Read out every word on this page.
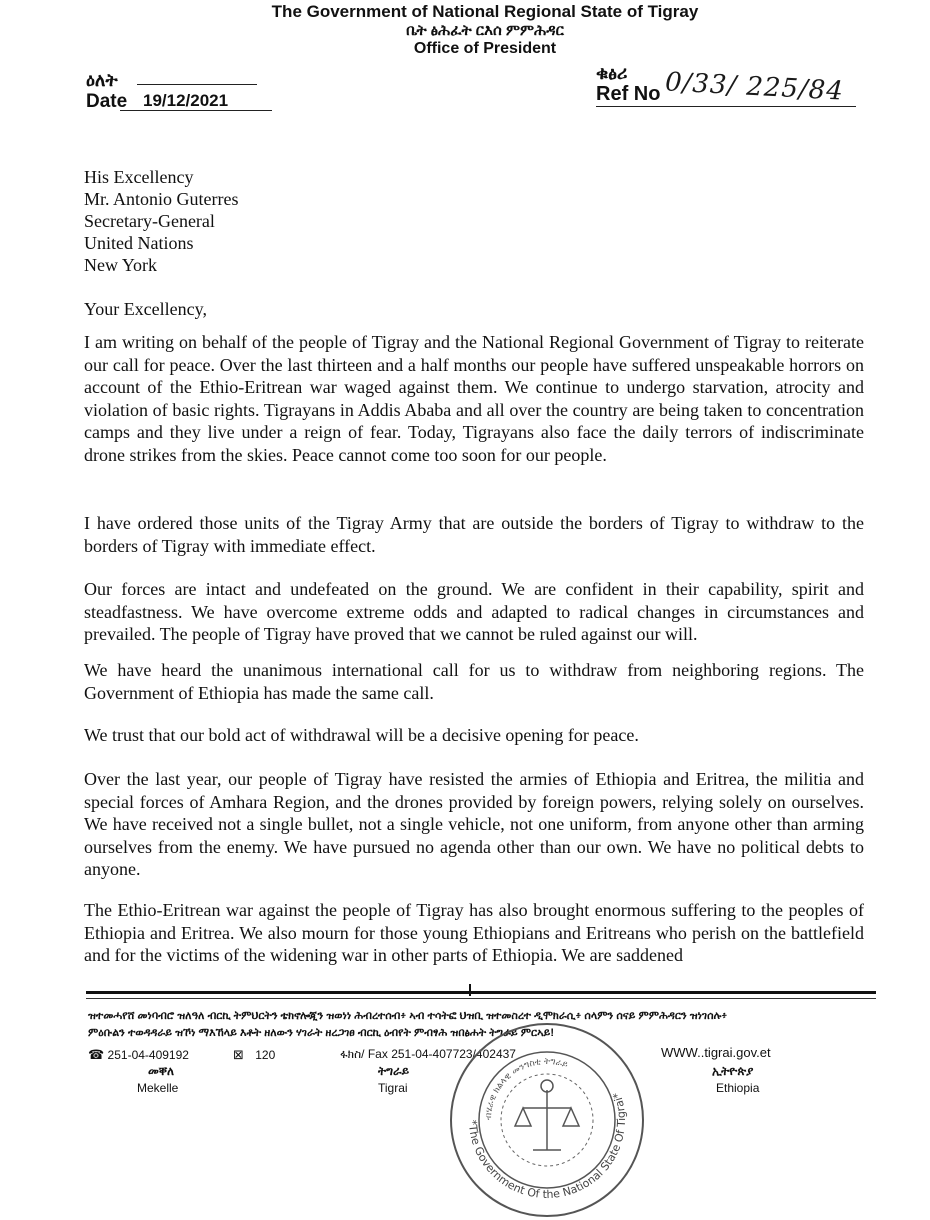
The Government of National Regional State of Tigray
ቤት ፅሕፈት ርእሰ ምምሕዳር
Office of President
ዕለት
Date 19/12/2021
ቁፅሪ
Ref No 0/33/ 225/84
His Excellency
Mr. Antonio Guterres
Secretary-General
United Nations
New York
Your Excellency,

I am writing on behalf of the people of Tigray and the National Regional Government of Tigray to reiterate our call for peace. Over the last thirteen and a half months our people have suffered unspeakable horrors on account of the Ethio-Eritrean war waged against them. We continue to undergo starvation, atrocity and violation of basic rights. Tigrayans in Addis Ababa and all over the country are being taken to concentration camps and they live under a reign of fear. Today, Tigrayans also face the daily terrors of indiscriminate drone strikes from the skies. Peace cannot come too soon for our people.

I have ordered those units of the Tigray Army that are outside the borders of Tigray to withdraw to the borders of Tigray with immediate effect.

Our forces are intact and undefeated on the ground. We are confident in their capability, spirit and steadfastness. We have overcome extreme odds and adapted to radical changes in circumstances and prevailed. The people of Tigray have proved that we cannot be ruled against our will.

We have heard the unanimous international call for us to withdraw from neighboring regions. The Government of Ethiopia has made the same call.

We trust that our bold act of withdrawal will be a decisive opening for peace.

Over the last year, our people of Tigray have resisted the armies of Ethiopia and Eritrea, the militia and special forces of Amhara Region, and the drones provided by foreign powers, relying solely on ourselves. We have received not a single bullet, not a single vehicle, not one uniform, from anyone other than arming ourselves from the enemy. We have pursued no agenda other than our own. We have no political debts to anyone.

The Ethio-Eritrean war against the people of Tigray has also brought enormous suffering to the peoples of Ethiopia and Eritrea. We also mourn for those young Ethiopians and Eritreans who perish on the battlefield and for the victims of the widening war in other parts of Ethiopia. We are saddened

ዝተመሓየሸ መነባብሮ ዝለዓለ ብርኪ ትምህርትን ቴክኖሎጂን ዝወነነ ሕብረተሰብ፥ ኣብ ተሳትፎ ህዝቢ ዝተመስረተ ዲሞክራሲ፥ ሰላምን ሰናይ ምምሕዳርን ዝነገሰሉ፥
ምዕቡልን ተወዳዳራይ ዝኾነ ማእኸላይ እቶት ዘለውን ሃገራት ዘረጋገፀ ብርኪ ዕብየት ምብፃሕ ዝበፅሐት ትግራይ ምርኣይ!
☎ 251-04-409192	⊠ 120	ፋክስ/ Fax 251-04-407723/402437	WWW..tigrai.gov.et
መቐለ
Mekelle
ትግራይ
Tigrai
ኢትዮጵያ
Ethiopia
*The Government Of the National State Of Tigrai*
ብሄራዊ ክልላዊ መንግስቲ ትግራይ
